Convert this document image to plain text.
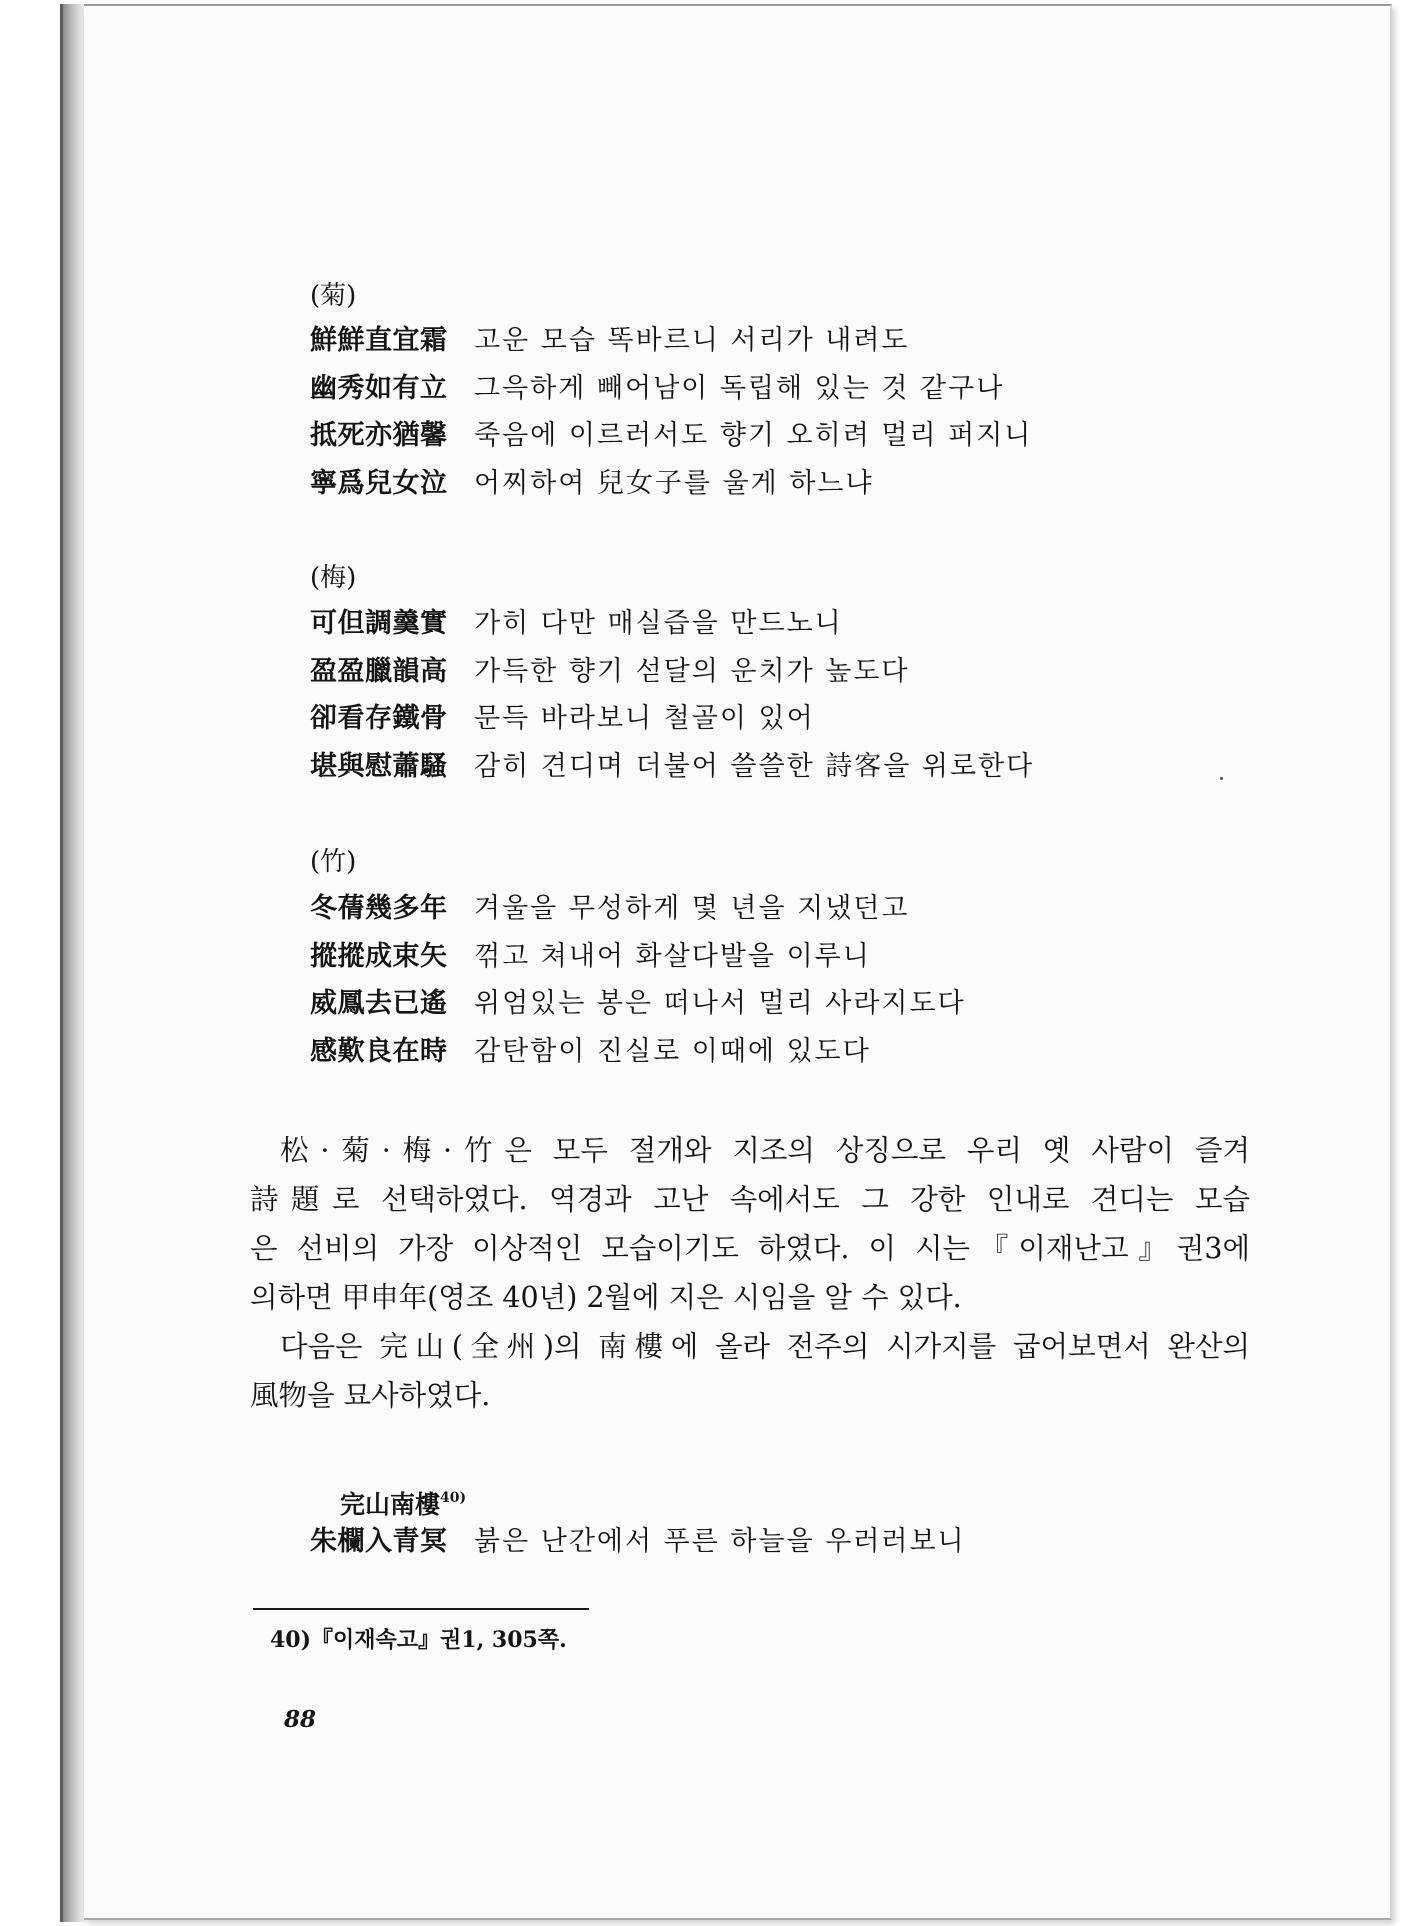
(菊)

鮮鮮直宜霜 고운 모습 똑바르니 서리가 내려도
幽秀如有立 그윽하게 빼어남이 독립해 있는 것 같구나
抵死亦猶馨 죽음에 이르러서도 향기 오히려 멀리 퍼지니
寧爲兒女泣 어찌하여 兒女子를 울게 하느냐

(梅)

可但調羹實 가히 다만 매실즙을 만드노니
盈盈臘韻高 가득한 향기 섣달의 운치가 높도다
卻看存鐵骨 문득 바라보니 철골이 있어
堪與慰蕭騷 감히 견디며 더불어 쓸쓸한 詩客을 위로한다

(竹)

冬蒨幾多年 겨울을 무성하게 몇 년을 지냈던고
摐摐成束矢 꺾고 쳐내어 화살다발을 이루니
威鳳去已遙 위엄있는 봉은 떠나서 멀리 사라지도다
感歎良在時 감탄함이 진실로 이때에 있도다
松·菊·梅·竹은 모두 절개와 지조의 상징으로 우리 옛 사람이 즐겨
詩題로 선택하였다. 역경과 고난 속에서도 그 강한 인내로 견디는 모습
은 선비의 가장 이상적인 모습이기도 하였다. 이 시는『이재난고』권3에
의하면 甲申年(영조 40년) 2월에 지은 시임을 알 수 있다.
다음은 完山(全州)의 南樓에 올라 전주의 시가지를 굽어보면서 완산의
風物을 묘사하였다.

完山南樓$^{40)}$

朱欄入青冥 붉은 난간에서 푸른 하늘을 우러러보니

40)『이재속고』권1, 305쪽.

88
